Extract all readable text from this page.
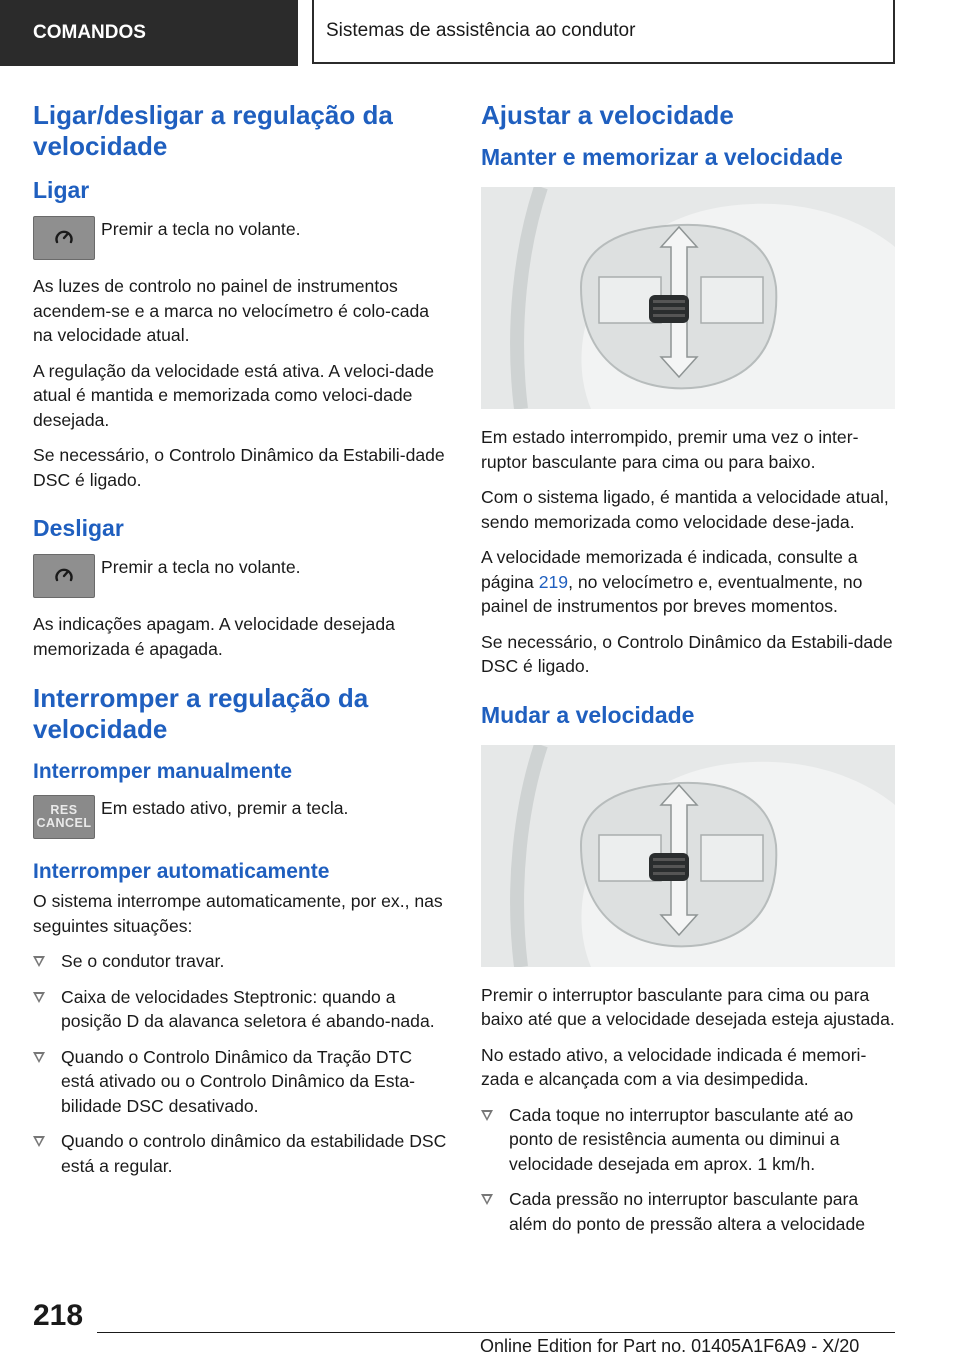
COMANDOS	Sistemas de assistência ao condutor
Ligar/desligar a regulação da velocidade
Ligar

Premir a tecla no volante.

As luzes de controlo no painel de instrumentos acendem-se e a marca no velocímetro é colo-cada na velocidade atual.

A regulação da velocidade está ativa. A veloci-dade atual é mantida e memorizada como veloci-dade desejada.

Se necessário, o Controlo Dinâmico da Estabili-dade DSC é ligado.

Desligar

Premir a tecla no volante.

As indicações apagam. A velocidade desejada memorizada é apagada.

Interromper a regulação da velocidade
Interromper manualmente
RES
CANCEL

Em estado ativo, premir a tecla.

Interromper automaticamente

O sistema interrompe automaticamente, por ex., nas seguintes situações:

Se o condutor travar.
Caixa de velocidades Steptronic: quando a posição D da alavanca seletora é abando-nada.
Quando o Controlo Dinâmico da Tração DTC está ativado ou o Controlo Dinâmico da Esta-bilidade DSC desativado.
Quando o controlo dinâmico da estabilidade DSC está a regular.
Ajustar a velocidade
Manter e memorizar a velocidade

Em estado interrompido, premir uma vez o inter-ruptor basculante para cima ou para baixo.

Com o sistema ligado, é mantida a velocidade atual, sendo memorizada como velocidade dese-jada.

A velocidade memorizada é indicada, consulte a página 219, no velocímetro e, eventualmente, no painel de instrumentos por breves momentos.

Se necessário, o Controlo Dinâmico da Estabili-dade DSC é ligado.

Mudar a velocidade

Premir o interruptor basculante para cima ou para baixo até que a velocidade desejada esteja ajustada.

No estado ativo, a velocidade indicada é memori-zada e alcançada com a via desimpedida.

Cada toque no interruptor basculante até ao ponto de resistência aumenta ou diminui a velocidade desejada em aprox. 1 km/h.
Cada pressão no interruptor basculante para além do ponto de pressão altera a velocidade
218
Online Edition for Part no. 01405A1F6A9 - X/20
